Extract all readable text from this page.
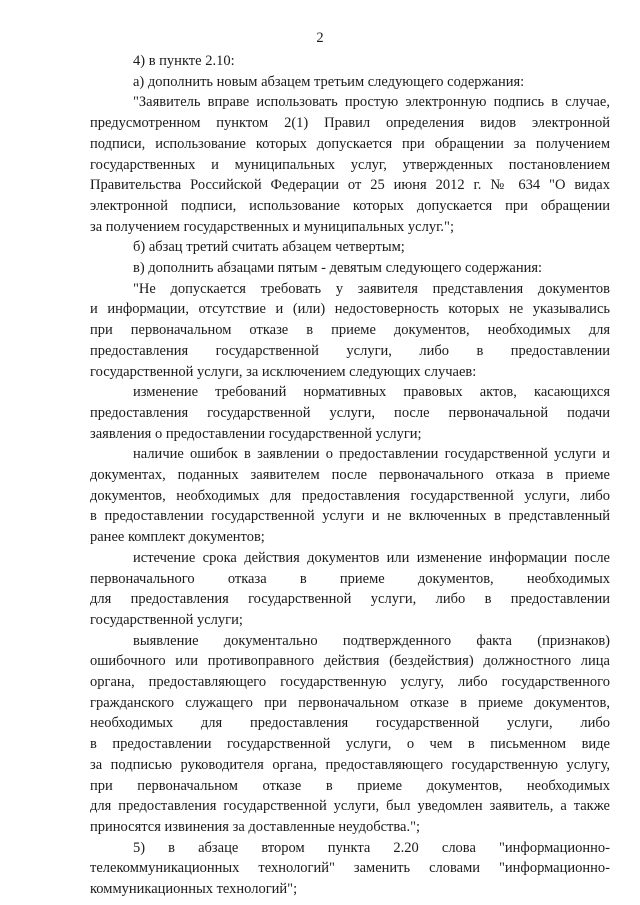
2
4) в пункте 2.10:
а) дополнить новым абзацем третьим следующего содержания:
"Заявитель вправе использовать простую электронную подпись в случае,
предусмотренном пунктом 2(1) Правил определения видов электронной
подписи, использование которых допускается при обращении за получением
государственных и муниципальных услуг, утвержденных постановлением
Правительства Российской Федерации от 25 июня 2012 г. № 634 "О видах
электронной подписи, использование которых допускается при обращении
за получением государственных и муниципальных услуг.";
б) абзац третий считать абзацем четвертым;
в) дополнить абзацами пятым - девятым следующего содержания:
"Не допускается требовать у заявителя представления документов
и информации, отсутствие и (или) недостоверность которых не указывались
при первоначальном отказе в приеме документов, необходимых для
предоставления государственной услуги, либо в предоставлении
государственной услуги, за исключением следующих случаев:
изменение требований нормативных правовых актов, касающихся
предоставления государственной услуги, после первоначальной подачи
заявления о предоставлении государственной услуги;
наличие ошибок в заявлении о предоставлении государственной услуги и
документах, поданных заявителем после первоначального отказа в приеме
документов, необходимых для предоставления государственной услуги, либо
в предоставлении государственной услуги и не включенных в представленный
ранее комплект документов;
истечение срока действия документов или изменение информации после
первоначального отказа в приеме документов, необходимых
для предоставления государственной услуги, либо в предоставлении
государственной услуги;
выявление документально подтвержденного факта (признаков)
ошибочного или противоправного действия (бездействия) должностного лица
органа, предоставляющего государственную услугу, либо государственного
гражданского служащего при первоначальном отказе в приеме документов,
необходимых для предоставления государственной услуги, либо
в предоставлении государственной услуги, о чем в письменном виде
за подписью руководителя органа, предоставляющего государственную услугу,
при первоначальном отказе в приеме документов, необходимых
для предоставления государственной услуги, был уведомлен заявитель, а также
приносятся извинения за доставленные неудобства.";
5) в абзаце втором пункта 2.20 слова "информационно-
телекоммуникационных технологий" заменить словами "информационно-
коммуникационных технологий";
